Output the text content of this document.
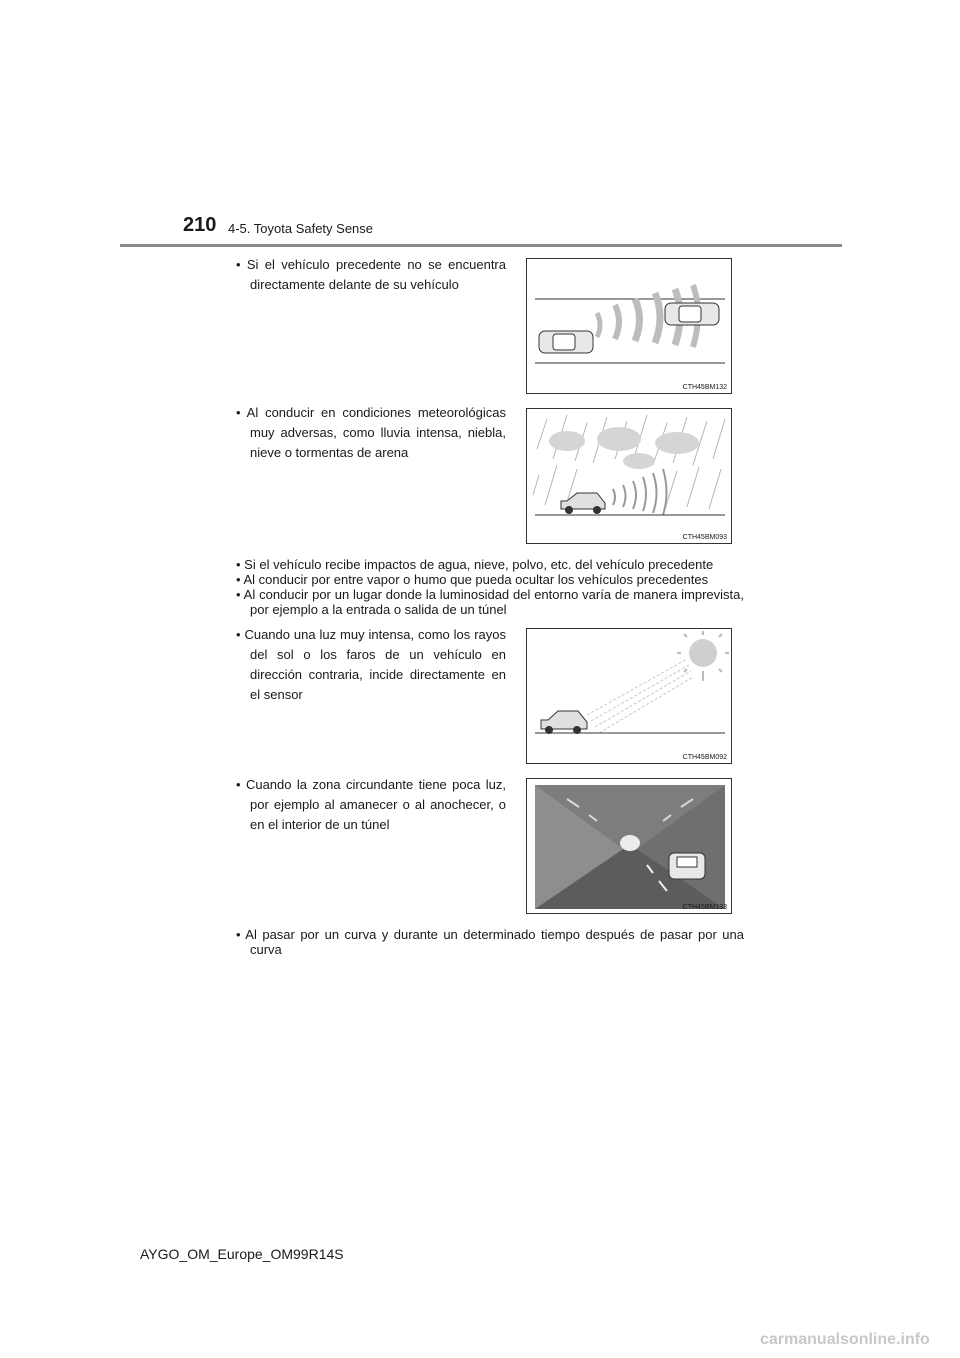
210 4-5. Toyota Safety Sense
• Si el vehículo precedente no se encuentra directamente delante de su vehículo
• Al conducir en condiciones meteorológicas muy adversas, como lluvia intensa, niebla, nieve o tormentas de arena
• Si el vehículo recibe impactos de agua, nieve, polvo, etc. del vehículo precedente
• Al conducir por entre vapor o humo que pueda ocultar los vehículos precedentes
• Al conducir por un lugar donde la luminosidad del entorno varía de manera imprevista, por ejemplo a la entrada o salida de un túnel
• Cuando una luz muy intensa, como los rayos del sol o los faros de un vehículo en dirección contraria, incide directamente en el sensor
• Cuando la zona circundante tiene poca luz, por ejemplo al amanecer o al anochecer, o en el interior de un túnel
• Al pasar por un curva y durante un determinado tiempo después de pasar por una curva
CTH45BM132
CTH45BM093
CTH45BM092
CTH45BM133
AYGO_OM_Europe_OM99R14S
carmanualsonline.info
